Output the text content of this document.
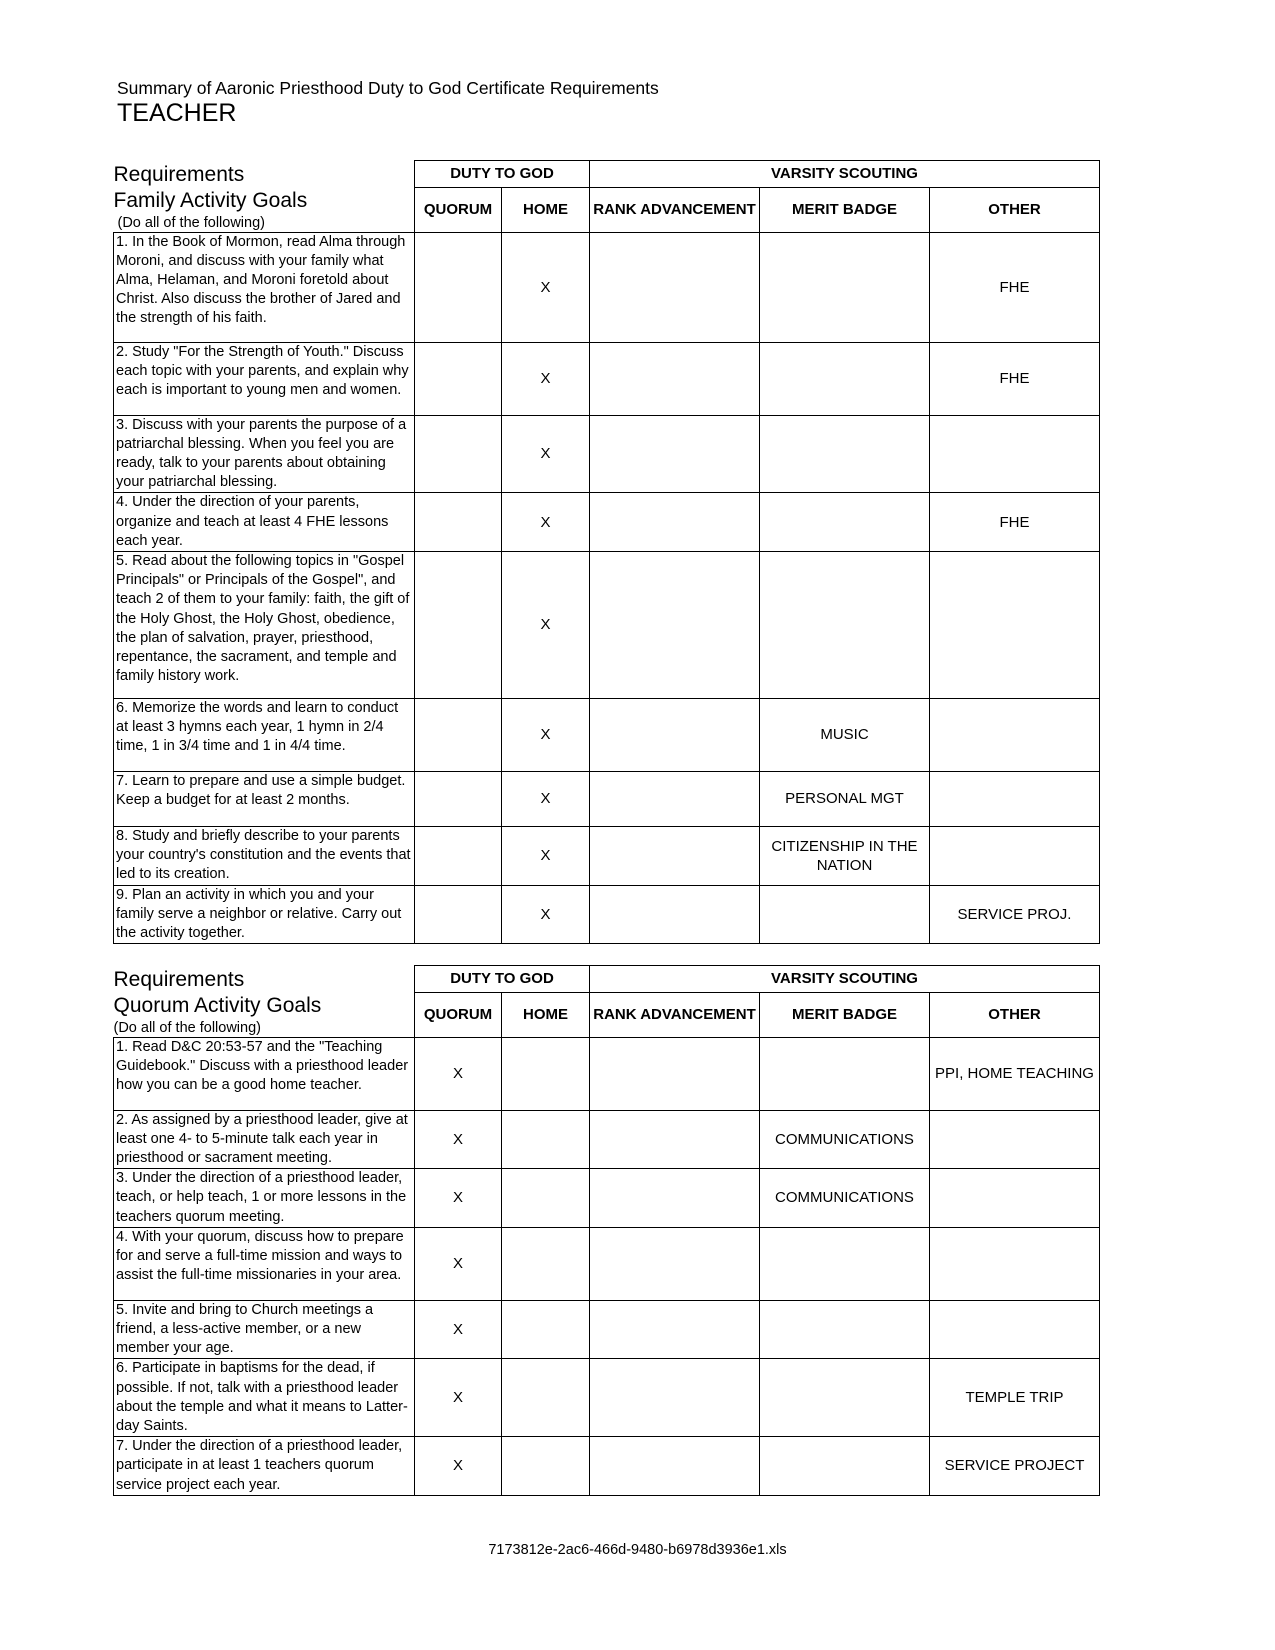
Summary of Aaronic Priesthood Duty to God Certificate Requirements
TEACHER
Requirements
Family Activity Goals
(Do all of the following)	DUTY TO GOD		VARSITY SCOUTING		
	QUORUM	HOME	RANK ADVANCEMENT	MERIT BADGE	OTHER
1. In the Book of Mormon, read Alma through Moroni, and discuss with your family what Alma, Helaman, and Moroni foretold about Christ. Also discuss the brother of Jared and the strength of his faith.		X			FHE
2. Study "For the Strength of Youth." Discuss each topic with your parents, and explain why each is important to young men and women.		X			FHE
3. Discuss with your parents the purpose of a patriarchal blessing. When you feel you are ready, talk to your parents about obtaining your patriarchal blessing.		X			
4. Under the direction of your parents, organize and teach at least 4 FHE lessons each year.		X			FHE
5. Read about the following topics in "Gospel Principals" or Principals of the Gospel", and teach 2 of them to your family: faith, the gift of the Holy Ghost, the Holy Ghost, obedience, the plan of salvation, prayer, priesthood, repentance, the sacrament, and temple and family history work.		X			
6. Memorize the words and learn to conduct at least 3 hymns each year, 1 hymn in 2/4 time, 1 in 3/4 time and 1 in 4/4 time.		X		MUSIC	
7. Learn to prepare and use a simple budget. Keep a budget for at least 2 months.		X		PERSONAL MGT	
8. Study and briefly describe to your parents your country's constitution and the events that led to its creation.		X		CITIZENSHIP IN THE NATION	
9. Plan an activity in which you and your family serve a neighbor or relative. Carry out the activity together.		X			SERVICE PROJ.
Requirements
Quorum Activity Goals
(Do all of the following)	DUTY TO GOD		VARSITY SCOUTING		
	QUORUM	HOME	RANK ADVANCEMENT	MERIT BADGE	OTHER
1. Read D&C 20:53-57 and the "Teaching Guidebook." Discuss with a priesthood leader how you can be a good home teacher.	X				PPI, HOME TEACHING
2. As assigned by a priesthood leader, give at least one 4- to 5-minute talk each year in priesthood or sacrament meeting.	X			COMMUNICATIONS	
3. Under the direction of a priesthood leader, teach, or help teach, 1 or more lessons in the teachers quorum meeting.	X			COMMUNICATIONS	
4. With your quorum, discuss how to prepare for and serve a full-time mission and ways to assist the full-time missionaries in your area.	X				
5. Invite and bring to Church meetings a friend, a less-active member, or a new member your age.	X				
6. Participate in baptisms for the dead, if possible. If not, talk with a priesthood leader about the temple and what it means to Latter-day Saints.	X				TEMPLE TRIP
7. Under the direction of a priesthood leader, participate in at least 1 teachers quorum service project each year.	X				SERVICE PROJECT
7173812e-2ac6-466d-9480-b6978d3936e1.xls
